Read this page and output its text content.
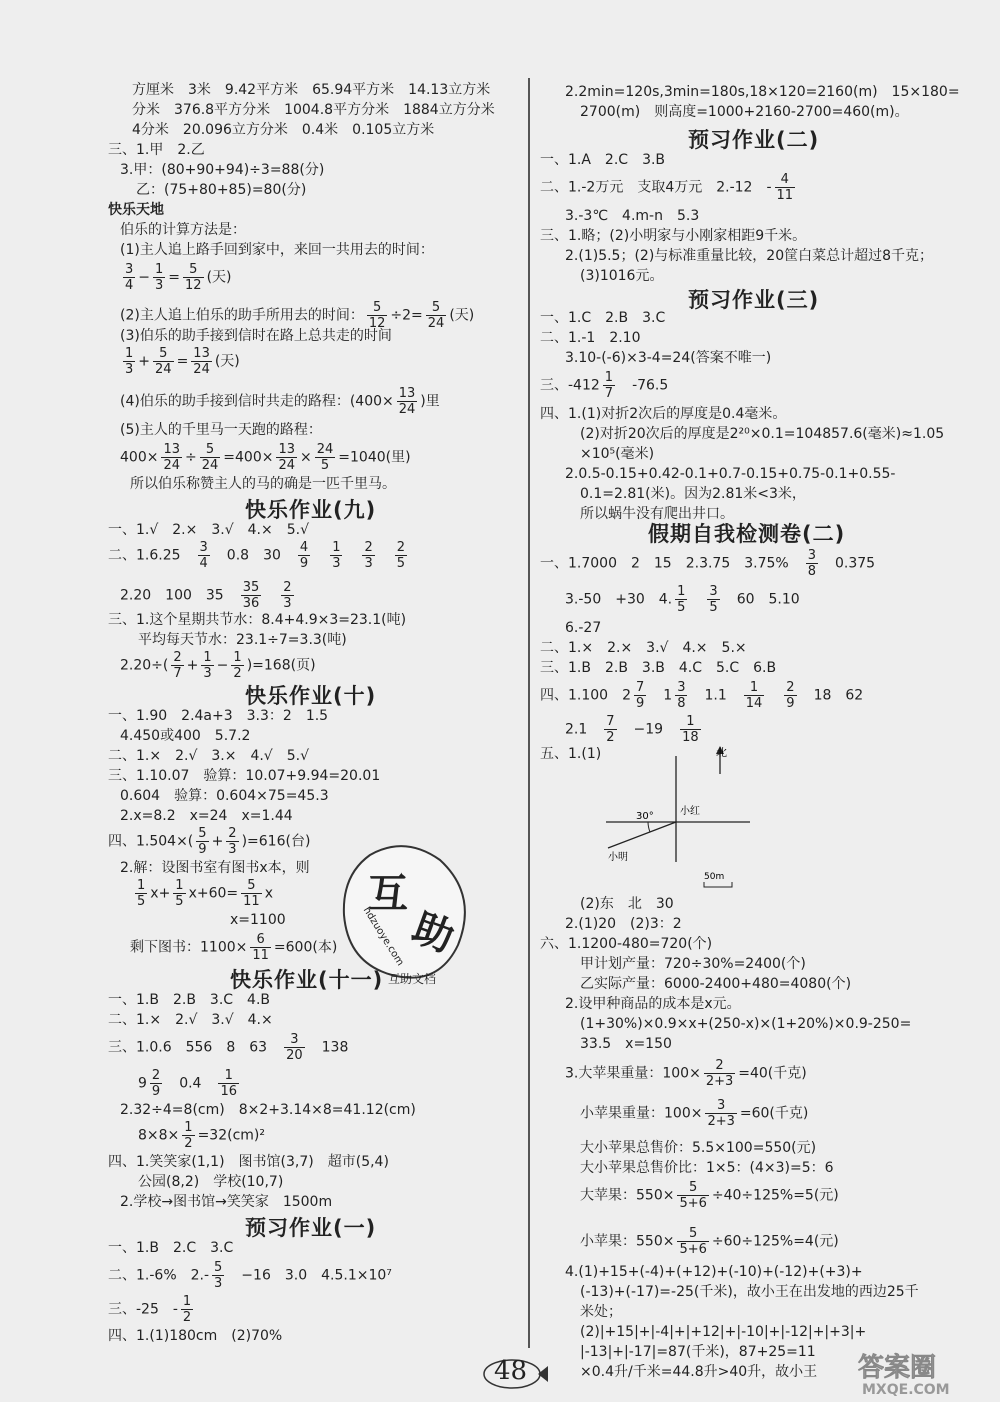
方厘米　3米　9.42平方米　65.94平方米　14.13立方米
分米　376.8平方分米　1004.8平方分米　1884立方分米
4分米　20.096立方分米　0.4米　0.105立方米
三、1.甲　2.乙
3.甲：(80+90+94)÷3=88(分)
乙：(75+80+85)=80(分)
快乐天地
伯乐的计算方法是：
(1)主人追上路手回到家中，来回一共用去的时间：
$\frac{3}{4} - \frac{1}{3} = \frac{5}{12}$ (天)
(2)主人追上伯乐的助手所用去的时间： $\frac{5}{12} \div 2= \frac{5}{24}$ (天)
(3)伯乐的助手接到信时在路上总共走的时间
$\frac{1}{3} + \frac{5}{24} = \frac{13}{24}$ (天)
(4)伯乐的助手接到信时共走的路程：($400\times \frac{13}{24}$ )里
(5)主人的千里马一天跑的路程：
$400\times \frac{13}{24} \div \frac{5}{24} =400\times \frac{13}{24} \times \frac{24}{5} =1040$(里)
所以伯乐称赞主人的马的确是一匹千里马。
快乐作业(九)
一、1.√　2.×　3.√　4.×　5.√
二、1.6.25　 $\frac{3}{4}$ 　0.8　30　 $\frac{4}{9}$
　 $\frac{1}{3}$
　 $\frac{2}{3}$
　 $\frac{2}{5}$
2.20　100　35　 $\frac{35}{36}$
　 $\frac{2}{3}$
三、1.这个星期共节水：8.4+4.9×3=23.1(吨)
平均每天节水：23.1÷7=3.3(吨)
$2.20\div( \frac{2}{7} + \frac{1}{3} - \frac{1}{2} )=168$(页)
快乐作业(十)
一、1.90　2.4a+3　3.3：2　1.5
4.450或400　5.7.2
二、1.×　2.√　3.×　4.√　5.√
三、1.10.07　验算：10.07+9.94=20.01
0.604　验算：0.604×75=45.3
2.x=8.2　x=24　x=1.44
四、$1.504\times( \frac{5}{9} + \frac{2}{3} )=616$(台)
2.解：设图书室有图书x本，则
$\frac{1}{5} x+ \frac{1}{5} x+60= \frac{5}{11}$ x
x=1100
剩下图书：$1100\times \frac{6}{11} =600$(本)
快乐作业(十一)
一、1.B　2.B　3.C　4.B
二、1.×　2.√　3.√　4.×
三、1.0.6　556　8　63　 $\frac{3}{20}$ 　138
$9 \frac{2}{9}$ 　0.4　 $\frac{1}{16}$
2.32÷4=8(cm)　8×2+3.14×8=41.12(cm)
$8\times 8\times \frac{1}{2} =32(cm)^2$
四、1.笑笑家(1,1)　图书馆(3,7)　超市(5,4)
公园(8,2)　学校(10,7)
2.学校→图书馆→笑笑家　1500m
预习作业(一)
一、1.B　2.C　3.C
二、1.-6%　$2.- \frac{5}{3}$ 　−16　3.0　4.5.1×10⁷
三、-25　- $\frac{1}{2}$
四、1.(1)180cm　(2)70%
2.2min=120s,3min=180s,18×120=2160(m)　15×180=
2700(m)　则高度=1000+2160-2700=460(m)。
预习作业(二)
一、1.A　2.C　3.B
二、1.-2万元　支取4万元　2.-12　- $\frac{4}{11}$
3.-3℃　4.m-n　5.3
三、1.略；(2)小明家与小刚家相距9千米。
2.(1)5.5；(2)与标准重量比较，20筐白菜总计超过8千克；
(3)1016元。
预习作业(三)
一、1.C　2.B　3.C
二、1.-1　2.10
3.10-(-6)×3-4=24(答案不唯一)
三、$-412 \frac{1}{7}$
　 -76.5
四、1.(1)对折2次后的厚度是0.4毫米。
(2)对折20次后的厚度是2²⁰×0.1=104857.6(毫米)≈1.05
×10⁵(毫米)
2.0.5-0.15+0.42-0.1+0.7-0.15+0.75-0.1+0.55-
0.1=2.81(米)。因为2.81米<3米，
所以蜗牛没有爬出井口。
假期自我检测卷(二)
一、1.7000　2　15　2.3.75　3.75%　 $\frac{3}{8}$ 　0.375
3.-50　+30　4. $\frac{1}{5}$
　 $\frac{3}{5}$ 　60　5.10
6.-27
二、1.×　2.×　3.√　4.×　5.×
三、1.B　2.B　3.B　4.C　5.C　6.B
四、1.100　$2 \frac{7}{9}$ 　$1 \frac{3}{8}$ 　1.1　 $\frac{1}{14}$
　 $\frac{2}{9}$ 　18　62
2.1　 $\frac{7}{2}$ 　−19　 $\frac{1}{18}$
五、1.(1)	北
小红
30°
小明
50m
(2)东　北　30
2.(1)20　(2)3：2
六、1.1200-480=720(个)
甲计划产量：720÷30%=2400(个)
乙实际产量：6000-2400+480=4080(个)
2.设甲种商品的成本是x元。
(1+30%)×0.9×x+(250-x)×(1+20%)×0.9-250=
33.5　x=150
3.大苹果重量：$100\times \frac{2}{2+3} =40$(千克)
小苹果重量：$100\times \frac{3}{2+3} =60$(千克)
大小苹果总售价：5.5×100=550(元)
大小苹果总售价比：1×5：(4×3)=5：6
大苹果：$550\times \frac{5}{5+6} \div 40\div 125\%=5$(元)
小苹果：$550\times \frac{5}{5+6} \div 60\div 125\%=4$(元)
4.(1)+15+(-4)+(+12)+(-10)+(-12)+(+3)+
(-13)+(-17)=-25(千米)，故小王在出发地的西边25千
米处；
(2)|+15|+|-4|+|+12|+|-10|+|-12|+|+3|+
|-13|+|-17|=87(千米)，87+25=11
×0.4升/千米=44.8升>40升，故小王
互
助
hdzuoye.com
互助文档
48	答案圈
MXQE.COM
